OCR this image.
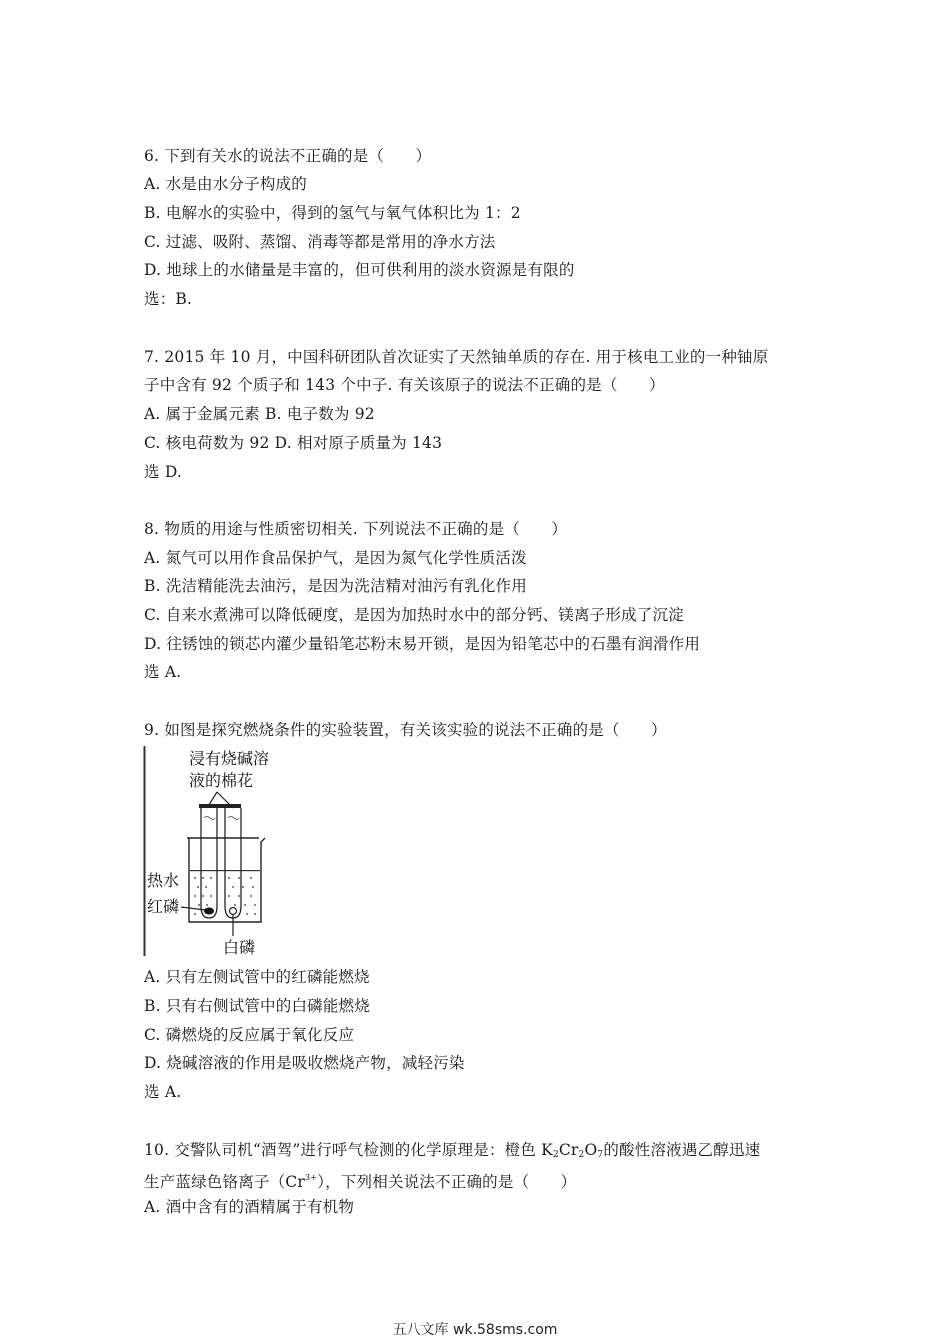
6. 下到有关水的说法不正确的是（　　）
A. 水是由水分子构成的
B. 电解水的实验中，得到的氢气与氧气体积比为 1：2
C. 过滤、吸附、蒸馏、消毒等都是常用的净水方法
D. 地球上的水储量是丰富的，但可供利用的淡水资源是有限的
选：B.
7. 2015 年 10 月，中国科研团队首次证实了天然铀单质的存在. 用于核电工业的一种铀原
子中含有 92 个质子和 143 个中子. 有关该原子的说法不正确的是（　　）
A. 属于金属元素 B. 电子数为 92
C. 核电荷数为 92 D. 相对原子质量为 143
选 D.
8. 物质的用途与性质密切相关. 下列说法不正确的是（　　）
A. 氮气可以用作食品保护气，是因为氮气化学性质活泼
B. 洗洁精能洗去油污，是因为洗洁精对油污有乳化作用
C. 自来水煮沸可以降低硬度，是因为加热时水中的部分钙、镁离子形成了沉淀
D. 往锈蚀的锁芯内灌少量铅笔芯粉末易开锁，是因为铅笔芯中的石墨有润滑作用
选 A.
9. 如图是探究燃烧条件的实验装置，有关该实验的说法不正确的是（　　）
浸有烧碱溶
液的棉花
热水
红磷
白磷
A. 只有左侧试管中的红磷能燃烧
B. 只有右侧试管中的白磷能燃烧
C. 磷燃烧的反应属于氧化反应
D. 烧碱溶液的作用是吸收燃烧产物，减轻污染
选 A.
10. 交警队司机“酒驾”进行呼气检测的化学原理是：橙色 $K_2Cr_2O_7$的酸性溶液遇乙醇迅速
生产蓝绿色铬离子$(Cr^{3+})$，下列相关说法不正确的是（　　）
A. 酒中含有的酒精属于有机物
五八文库 wk.58sms.com
